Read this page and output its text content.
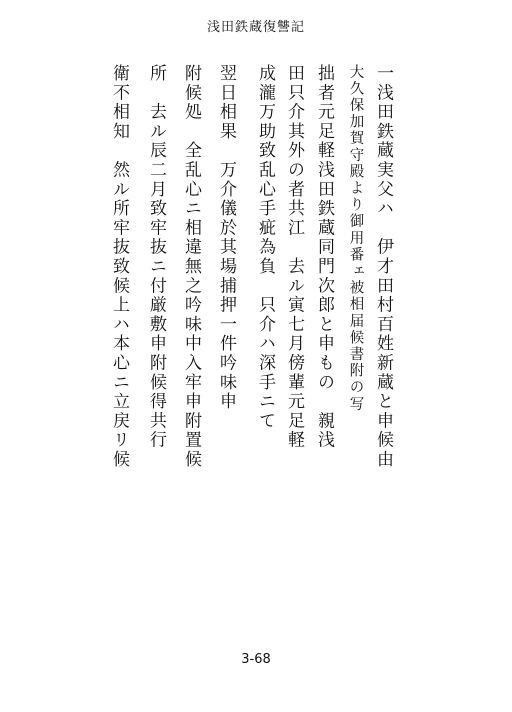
浅田鉄蔵復讐記
一浅田鉄蔵実父ハ　伊才田村百姓新蔵と申候由
大久保加賀守殿より御用番ェ被相届候書附の写
拙者元足軽浅田鉄蔵同門次郎と申もの　親浅
田只介其外の者共江　去ル寅七月傍輩元足軽
成瀧万助致乱心手疵為負　只介ハ深手ニて
翌日相果　万介儀於其場捕押一件吟味申
附候処　全乱心ニ相違無之吟味中入牢申附置候
所　去ル辰二月致牢抜ニ付厳敷申附候得共行
衛不相知　然ル所牢抜致候上ハ本心ニ立戻リ候
3-68
